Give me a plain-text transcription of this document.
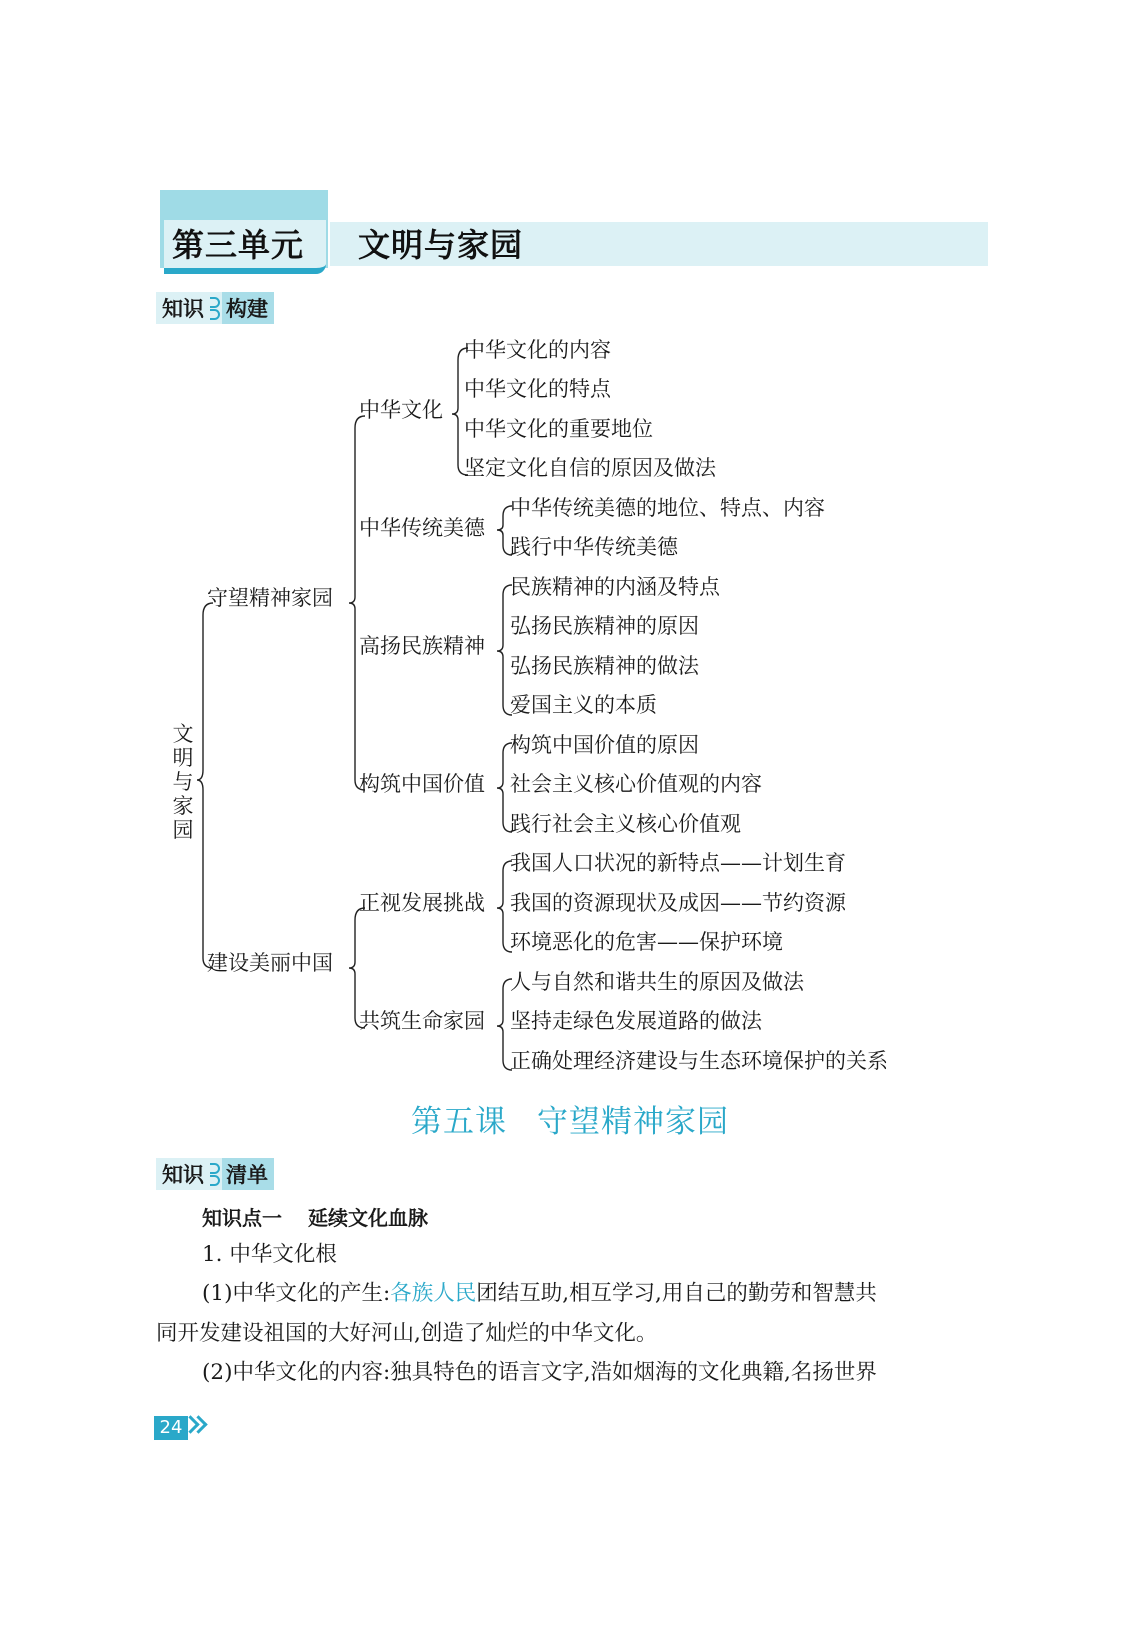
第三单元 文明与家园
知识 构建
文
明
与
家
园
守望精神家园
建设美丽中国
中华文化
中华传统美德
高扬民族精神
构筑中国价值
正视发展挑战
共筑生命家园
中华文化的内容
中华文化的特点
中华文化的重要地位
坚定文化自信的原因及做法
中华传统美德的地位、特点、内容
践行中华传统美德
民族精神的内涵及特点
弘扬民族精神的原因
弘扬民族精神的做法
爱国主义的本质
构筑中国价值的原因
社会主义核心价值观的内容
践行社会主义核心价值观
我国人口状况的新特点——计划生育
我国的资源现状及成因——节约资源
环境恶化的危害——保护环境
人与自然和谐共生的原因及做法
坚持走绿色发展道路的做法
正确处理经济建设与生态环境保护的关系
第五课 守望精神家园
知识 清单
知识点一 延续文化血脉
1. 中华文化根
(1)中华文化的产生:各族人民团结互助,相互学习,用自己的勤劳和智慧共
同开发建设祖国的大好河山,创造了灿烂的中华文化。
(2)中华文化的内容:独具特色的语言文字,浩如烟海的文化典籍,名扬世界
24
